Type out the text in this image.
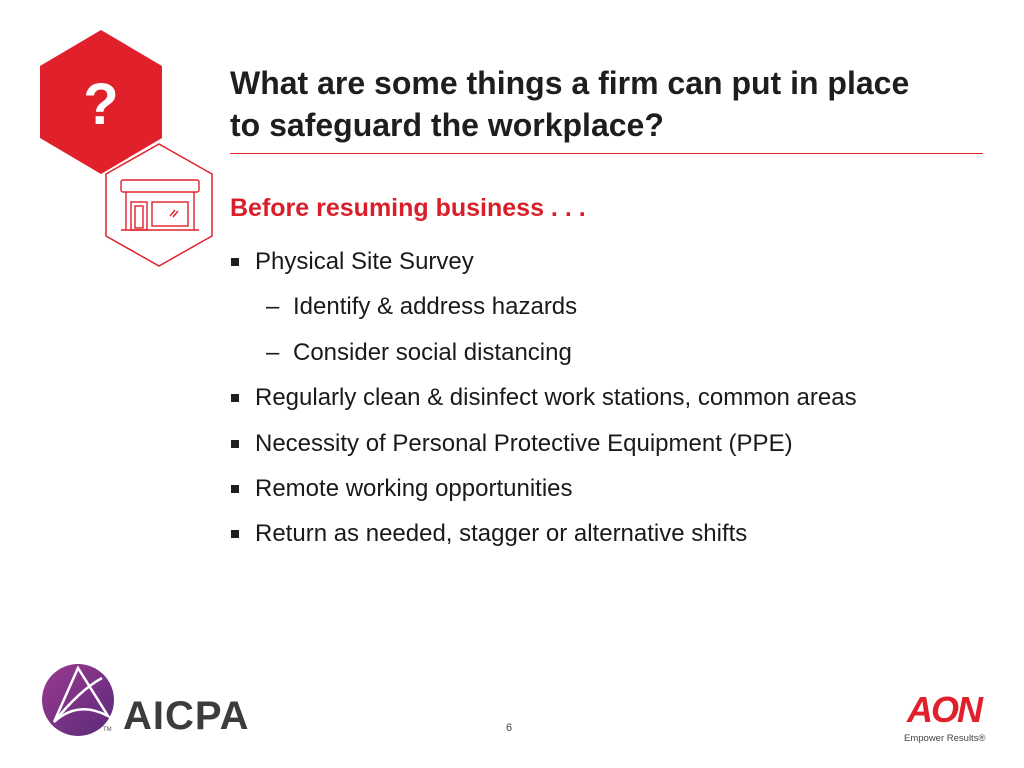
?	What are some things a firm can put in place
to safeguard the workplace?
Before resuming business . . .
Physical Site Survey
– Identify & address hazards
– Consider social distancing
Regularly clean & disinfect work stations, common areas
Necessity of Personal Protective Equipment (PPE)
Remote working opportunities
Return as needed, stagger or alternative shifts
AICPA
TM	6	AON
Empower Results®
